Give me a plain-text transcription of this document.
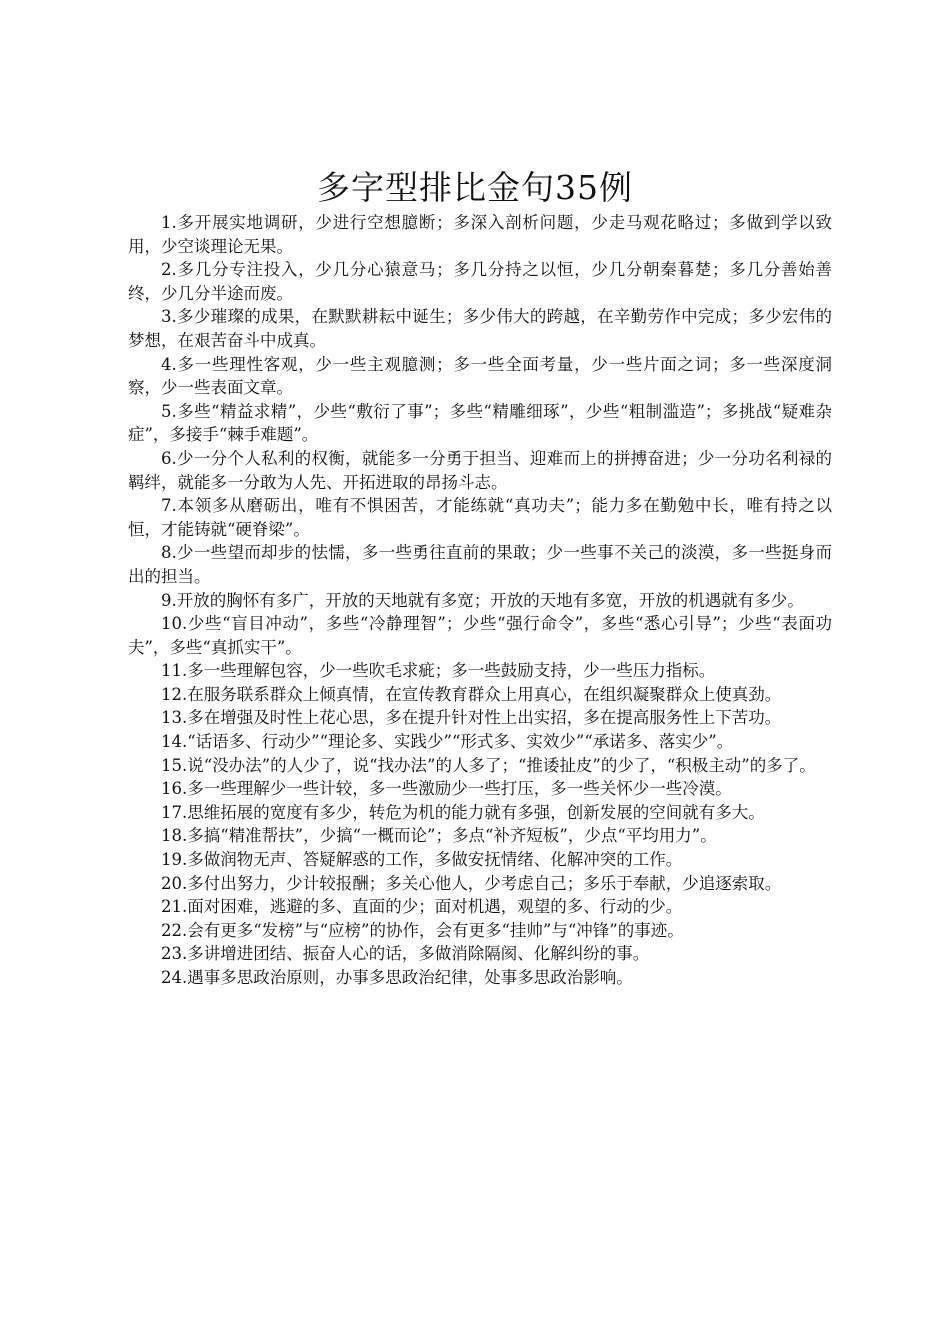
多字型排比金句35例

1.多开展实地调研，少进行空想臆断；多深入剖析问题，少走马观花略过；多做到学以致用，少空谈理论无果。

2.多几分专注投入，少几分心猿意马；多几分持之以恒，少几分朝秦暮楚；多几分善始善终，少几分半途而废。

3.多少璀璨的成果，在默默耕耘中诞生；多少伟大的跨越，在辛勤劳作中完成；多少宏伟的梦想，在艰苦奋斗中成真。

4.多一些理性客观，少一些主观臆测；多一些全面考量，少一些片面之词；多一些深度洞察，少一些表面文章。

5.多些“精益求精”，少些“敷衍了事”；多些“精雕细琢”，少些“粗制滥造”；多挑战“疑难杂症”，多接手“棘手难题”。

6.少一分个人私利的权衡，就能多一分勇于担当、迎难而上的拼搏奋进；少一分功名利禄的羁绊，就能多一分敢为人先、开拓进取的昂扬斗志。

7.本领多从磨砺出，唯有不惧困苦，才能练就“真功夫”；能力多在勤勉中长，唯有持之以恒，才能铸就“硬脊梁”。

8.少一些望而却步的怯懦，多一些勇往直前的果敢；少一些事不关己的淡漠，多一些挺身而出的担当。

9.开放的胸怀有多广，开放的天地就有多宽；开放的天地有多宽，开放的机遇就有多少。

10.少些“盲目冲动”，多些“冷静理智”；少些“强行命令”，多些“悉心引导”；少些“表面功夫”，多些“真抓实干”。

11.多一些理解包容，少一些吹毛求疵；多一些鼓励支持，少一些压力指标。

12.在服务联系群众上倾真情，在宣传教育群众上用真心，在组织凝聚群众上使真劲。

13.多在增强及时性上花心思，多在提升针对性上出实招，多在提高服务性上下苦功。

14.“话语多、行动少”“理论多、实践少”“形式多、实效少”“承诺多、落实少”。

15.说“没办法”的人少了，说“找办法”的人多了；“推诿扯皮”的少了，“积极主动”的多了。

16.多一些理解少一些计较，多一些激励少一些打压，多一些关怀少一些冷漠。

17.思维拓展的宽度有多少，转危为机的能力就有多强，创新发展的空间就有多大。

18.多搞“精准帮扶”，少搞“一概而论”；多点“补齐短板”，少点“平均用力”。

19.多做润物无声、答疑解惑的工作，多做安抚情绪、化解冲突的工作。

20.多付出努力，少计较报酬；多关心他人，少考虑自己；多乐于奉献，少追逐索取。

21.面对困难，逃避的多、直面的少；面对机遇，观望的多、行动的少。

22.会有更多“发榜”与“应榜”的协作，会有更多“挂帅”与“冲锋”的事迹。

23.多讲增进团结、振奋人心的话，多做消除隔阂、化解纠纷的事。

24.遇事多思政治原则，办事多思政治纪律，处事多思政治影响。
